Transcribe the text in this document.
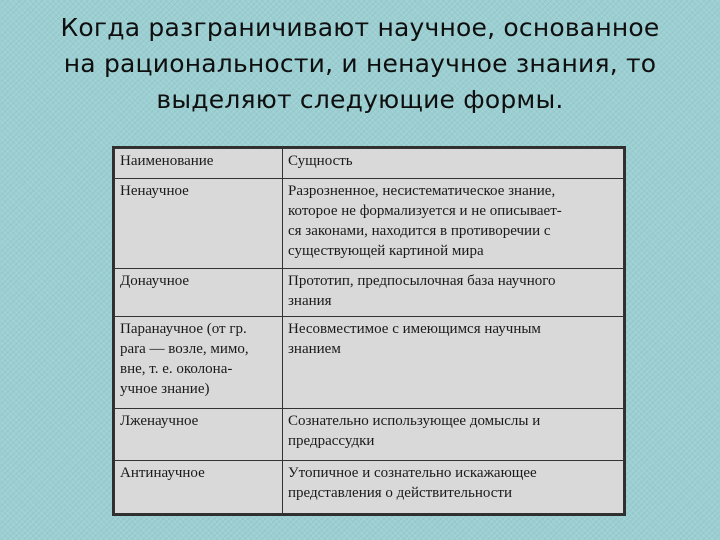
Когда разграничивают научное, основанное
на рациональности, и ненаучное знания, то
выделяют следующие формы.
Наименование	Сущность

Ненаучное	Разрозненное, несистематическое знание,
которое не формализуется и не описывает-
ся законами, находится в противоречии с
существующей картиной мира

Донаучное	Прототип, предпосылочная база научного
знания

Паранаучное (от гр.
para — возле, мимо,
вне, т. е. околона-
учное знание)	Несовместимое с имеющимся научным
знанием

Лженаучное	Сознательно использующее домыслы и
предрассудки

Антинаучное	Утопичное и сознательно искажающее
представления о действительности
